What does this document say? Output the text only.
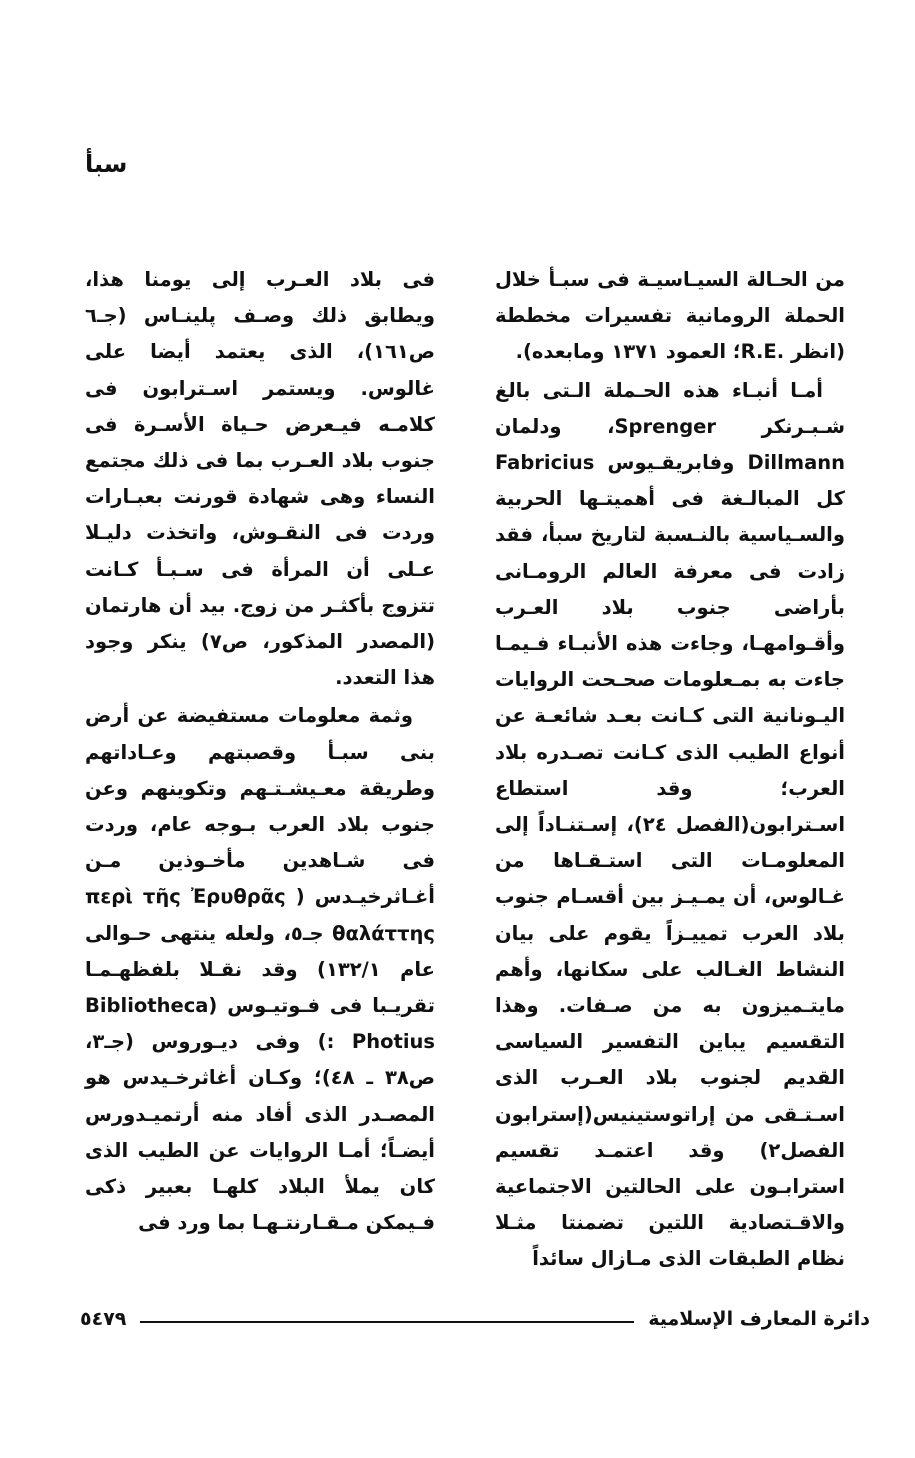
سبأ

من الحـالة السيـاسيـة فى سبـأ خلال الحملة الرومانية تفسيرات مخططة (انظر .R.E؛ العمود ١٣٧١ ومابعده).

أمـا أنبـاء هذه الحـملة الـتى بالغ شـبـرنكر Sprenger، ودلمان Dillmann وفابريقـيوس Fabricius كل المبالـغة فى أهميتـها الحربية والسـياسية بالنـسبة لتاريخ سبأ، فقد زادت فى معرفة العالم الرومـانى بأراضى جنوب بلاد العـرب وأقـوامهـا، وجاءت هذه الأنبـاء فـيمـا جاءت به بمـعلومات صحـحت الروايات اليـونانية التى كـانت بعـد شائعـة عن أنواع الطيب الذى كـانت تصـدره بلاد العرب؛ وقد استطاع اسـترابون(الفصل ٢٤)، إسـتنـاداً إلى المعلومـات التى استـقـاها من غـالوس، أن يمـيـز بين أقسـام جنوب بلاد العرب تمييـزاً يقوم على بيان النشاط الغـالب على سكانها، وأهم مايتـميزون به من صـفات. وهذا التقسيم يباين التفسير السياسى القديم لجنوب بلاد العـرب الذى اسـتـقى من إراتوستينيس(إسترابون الفصل٢) وقد اعتمـد تقسيم استرابـون على الحالتين الاجتماعية والاقـتصادية اللتين تضمنتا مثـلا نظام الطبقات الذى مـازال سائداً

فى بلاد العـرب إلى يومنا هذا، ويطابق ذلك وصـف پلينـاس (جـ٦ ص١٦١)، الذى يعتمد أيضا على غالوس. ويستمر اسـترابون فى كلامـه فيـعرض حـياة الأسـرة فى جنوب بلاد العـرب بما فى ذلك مجتمع النساء وهى شهادة قورنت بعبـارات وردت فى النقـوش، واتخذت دليـلا عـلى أن المرأة فى سـبـأ كـانت تتزوج بأكثـر من زوج. بيد أن هارتمان (المصدر المذكور، ص٧) ينكر وجود هذا التعدد.

وثمة معلومات مستفيضة عن أرض بنى سبـأ وقصبتهم وعـاداتهم وطريقة معـيشـتـهم وتكوينهم وعن جنوب بلاد العرب بـوجه عام، وردت فى شـاهدين مأخـوذين مـن أغـاثرخيـدس ( περὶ τῆς Ἐρυθρᾶς θαλάττης جـ٥، ولعله ينتهى حـوالى عام ١٣٢/١) وقد نقـلا بلفظهـمـا تقريـبا فى فـوتيـوس (Bibliotheca : Photius) وفى ديـوروس (جـ٣، ص٣٨ ـ ٤٨)؛ وكـان أغاثرخـيدس هو المصـدر الذى أفاد منه أرتميـدورس أيضـاً؛ أمـا الروايات عن الطيب الذى كان يملأ البلاد كلهـا بعبير ذكى فـيمكن مـقـارنتـهـا بما ورد فى

دائرة المعارف الإسلامية
٥٤٧٩
